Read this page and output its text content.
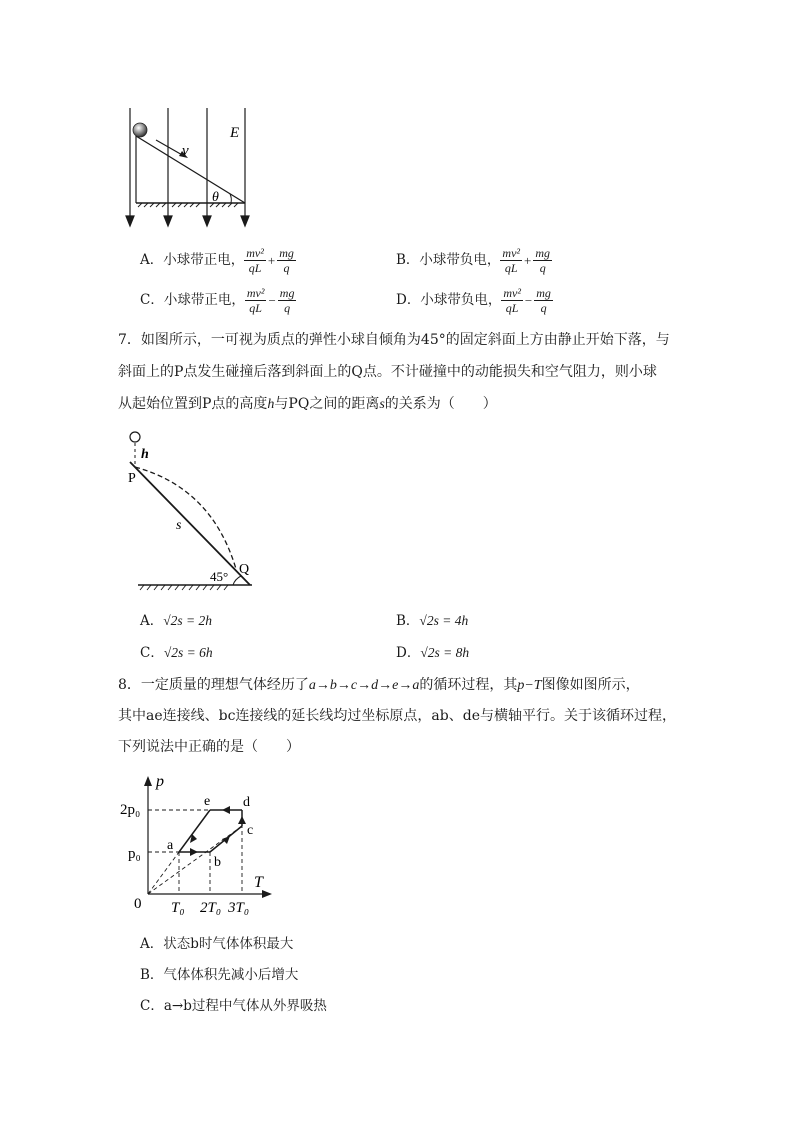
v
E
θ
A．小球带正电， $\frac{\text{mv²}}{qL} + \frac{mg}{q}$	B．小球带负电， $\frac{\text{mv²}}{qL} + \frac{mg}{q}$
C．小球带正电， $\frac{\text{mv²}}{qL} - \frac{mg}{q}$	D．小球带负电， $\frac{\text{mv²}}{qL} - \frac{mg}{q}$
7．如图所示，一可视为质点的弹性小球自倾角为45°的固定斜面上方由静止开始下落，与
斜面上的P点发生碰撞后落到斜面上的Q点。不计碰撞中的动能损失和空气阻力，则小球
从起始位置到P点的高度h与PQ之间的距离s的关系为（　　）
h
P
s
Q
45°
A．√2s = 2h	B．√2s = 4h
C．√2s = 6h	D．√2s = 8h
8．一定质量的理想气体经历了a→b→c→d→e→a的循环过程，其p−T图像如图所示，
其中ae连接线、bc连接线的延长线均过坐标原点，ab、de与横轴平行。关于该循环过程，
下列说法中正确的是（　　）
p
T
0
2p₀
p₀
T₀ 2T₀ 3T₀
a
b
c
d
e
A．状态b时气体体积最大
B．气体体积先减小后增大
C．a→b过程中气体从外界吸热
